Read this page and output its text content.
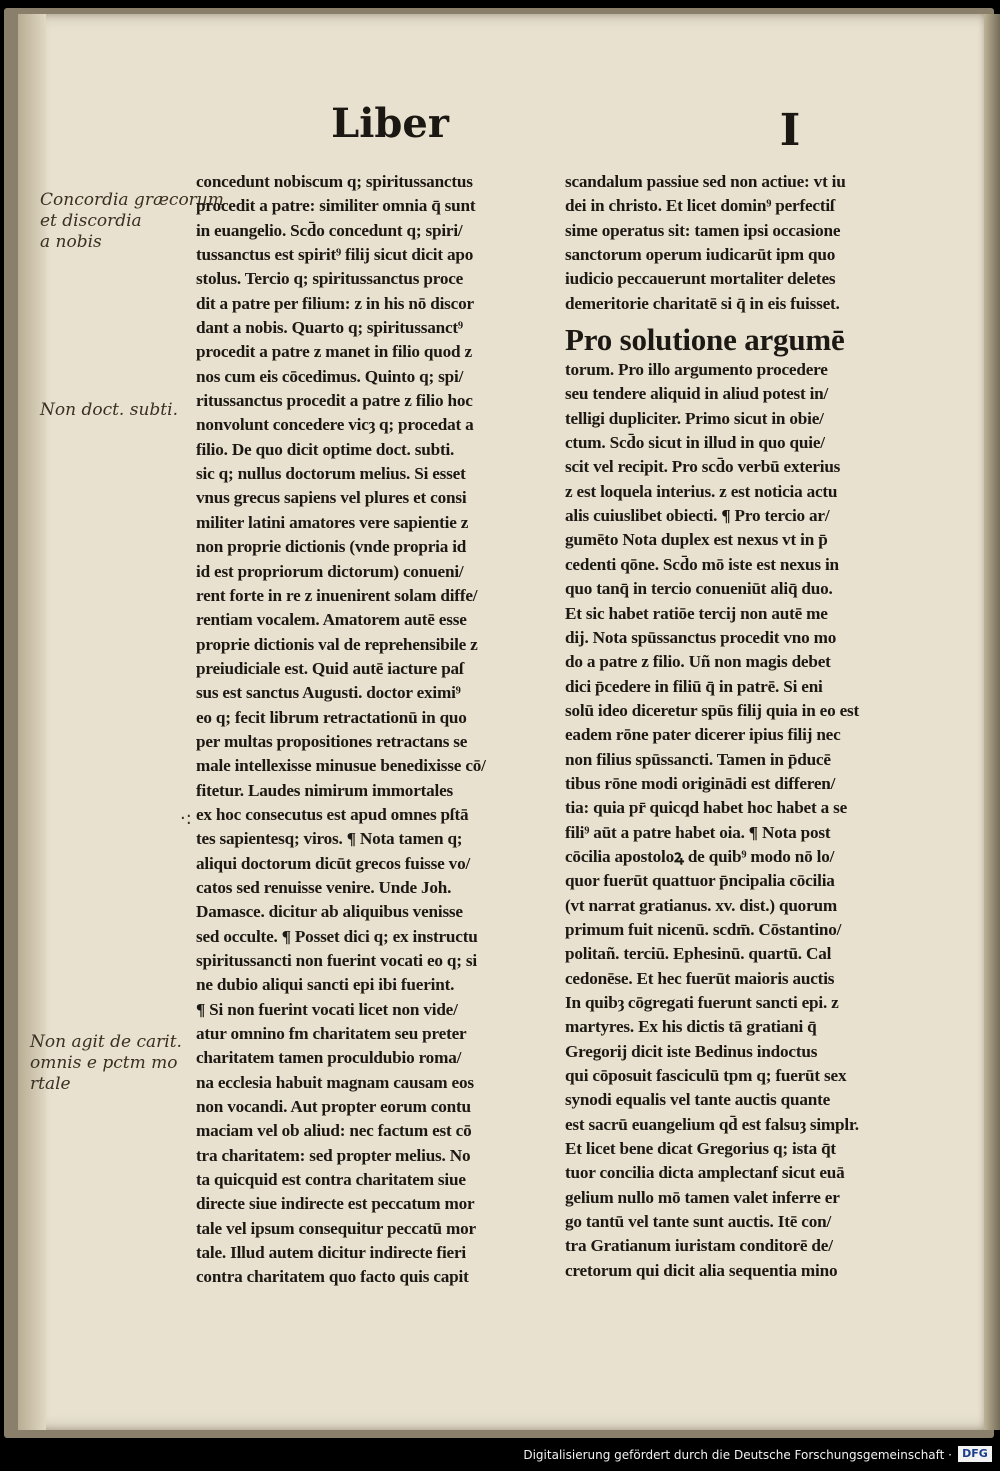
Liber	I
Concordia græcorum
et discordia
a nobis
Non doct. subti.
Non agit de carit.
omnis e pctm mo
rtale
·:
concedunt nobiscum q; spiritussanctus
procedit a patre: similiter omnia q̄ sunt
in euangelio. Scd̄o concedunt q; spiri/
tussanctus est spirit⁹ filij sicut dicit apo
stolus. Tercio q; spiritussanctus proce
dit a patre per filium: z in his nō discor
dant a nobis. Quarto q; spiritussanct⁹
procedit a patre z manet in filio quod z
nos cum eis cōcedimus. Quinto q; spi/
ritussanctus procedit a patre z filio hoc
nonvolunt concedere vicȝ q; procedat a
filio. De quo dicit optime doct. subti.
sic q; nullus doctorum melius. Si esset
vnus grecus sapiens vel plures et consi
militer latini amatores vere sapientie z
non proprie dictionis (vnde propria id
id est propriorum dictorum) conueni/
rent forte in re z inuenirent solam diffe/
rentiam vocalem. Amatorem autē esse
proprie dictionis val de reprehensibile z
preiudiciale est. Quid autē iacture paſ
sus est sanctus Augusti. doctor eximi⁹
eo q; fecit librum retractationū in quo
per multas propositiones retractans se
male intellexisse minusue benedixisse cō/
fitetur. Laudes nimirum immortales
ex hoc consecutus est apud omnes pſtā
tes sapientesq; viros. ¶ Nota tamen q;
aliqui doctorum dicūt grecos fuisse vo/
catos sed renuisse venire. Unde Joh.
Damasce. dicitur ab aliquibus venisse
sed occulte. ¶ Posset dici q; ex instructu
spiritussancti non fuerint vocati eo q; si
ne dubio aliqui sancti epi ibi fuerint.
¶ Si non fuerint vocati licet non vide/
atur omnino fm charitatem seu preter
charitatem tamen proculdubio roma/
na ecclesia habuit magnam causam eos
non vocandi. Aut propter eorum contu
maciam vel ob aliud: nec factum est cō
tra charitatem: sed propter melius. No
ta quicquid est contra charitatem siue
directe siue indirecte est peccatum mor
tale vel ipsum consequitur peccatū mor
tale. Illud autem dicitur indirecte fieri
contra charitatem quo facto quis capit
scandalum passiue sed non actiue: vt iu
dei in christo. Et licet domin⁹ perfectiſ
sime operatus sit: tamen ipsi occasione
sanctorum operum iudicarūt ipm quo
iudicio peccauerunt mortaliter deletes
demeritorie charitatē si q̄ in eis fuisset.
Pro solutione argumē
torum. Pro illo argumento procedere
seu tendere aliquid in aliud potest in/
telligi dupliciter. Primo sicut in obie/
ctum. Scd̄o sicut in illud in quo quie/
scit vel recipit. Pro scd̄o verbū exterius
z est loquela interius. z est noticia actu
alis cuiuslibet obiecti. ¶ Pro tercio ar/
gumēto Nota duplex est nexus vt in p̄
cedenti qōne. Scd̄o mō iste est nexus in
quo tanq̄ in tercio conueniūt aliq̄ duo.
Et sic habet ratiōe tercij non autē me
dij. Nota spūssanctus procedit vno mo
do a patre z filio. Uñ non magis debet
dici p̄cedere in filiū q̄ in patrē. Si eni
solū ideo diceretur spūs filij quia in eo est
eadem rōne pater dicerer ipius filij nec
non filius spūssancti. Tamen in p̄ducē
tibus rōne modi originādi est differen/
tia: quia pr̄ quicqd habet hoc habet a se
fili⁹ aūt a patre habet oia. ¶ Nota post
cōcilia apostoloꝝ de quib⁹ modo nō lo/
quor fuerūt quattuor p̄ncipalia cōcilia
(vt narrat gratianus. xv. dist.) quorum
primum fuit nicenū. scdm̄. Cōstantino/
politañ. terciū. Ephesinū. quartū. Cal
cedonēse. Et hec fuerūt maioris auctis
In quibȝ cōgregati fuerunt sancti epi. z
martyres. Ex his dictis tā gratiani q̄
Gregorij dicit iste Bedinus indoctus
qui cōposuit fasciculū tpm q; fuerūt sex
synodi equalis vel tante auctis quante
est sacrū euangelium qd̄ est falsuȝ simplr.
Et licet bene dicat Gregorius q; ista q̄t
tuor concilia dicta amplectanf sicut euā
gelium nullo mō tamen valet inferre er
go tantū vel tante sunt auctis. Itē con/
tra Gratianum iuristam conditorē de/
cretorum qui dicit alia sequentia mino
Digitalisierung gefördert durch die Deutsche Forschungsgemeinschaft · DFG
